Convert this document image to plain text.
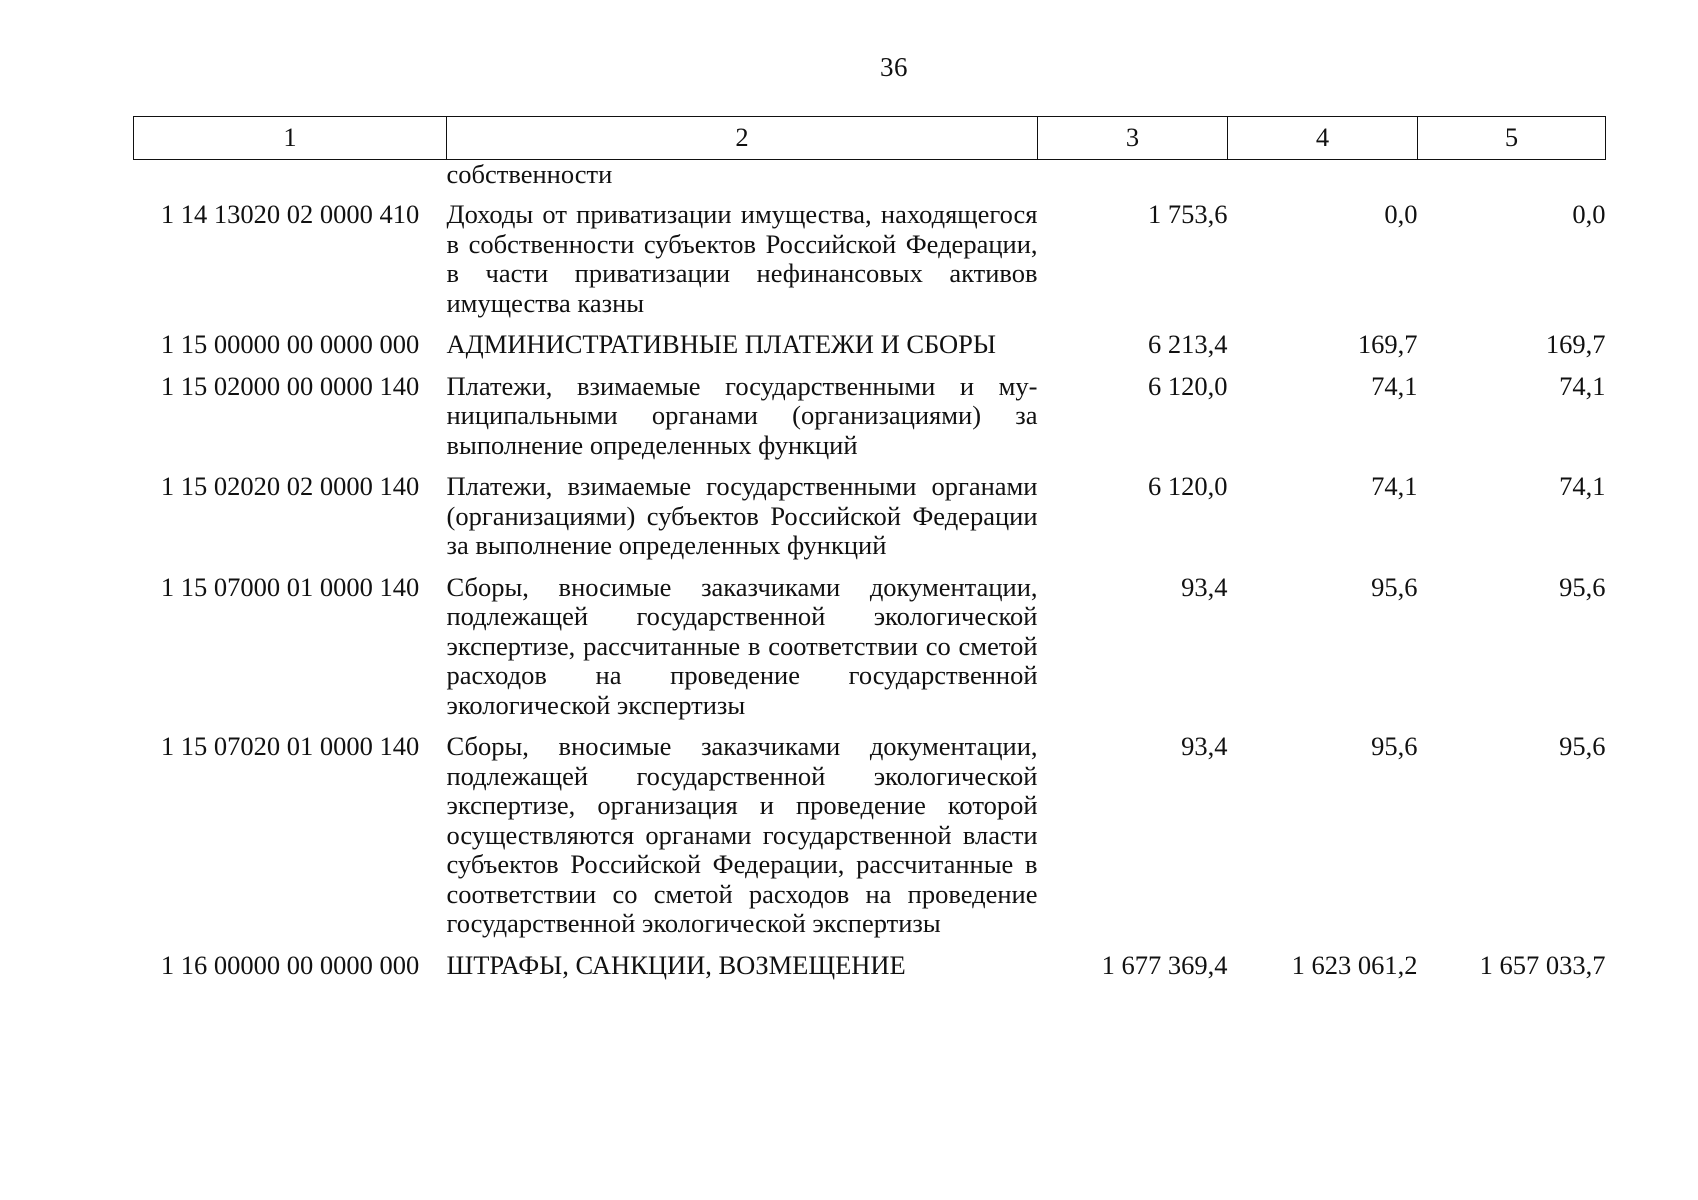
36
1	2	3	4	5
	собственности			
1 14 13020 02 0000 410	Доходы от приватизации имущества, находящегося в собственности субъектов Российской Федерации, в части приватизации нефинансовых активов имущества казны	1 753,6	0,0	0,0
1 15 00000 00 0000 000	АДМИНИСТРАТИВНЫЕ ПЛАТЕЖИ И СБОРЫ	6 213,4	169,7	169,7
1 15 02000 00 0000 140	Платежи, взимаемые государственными и муниципальными органами (организациями) за выполнение определенных функций	6 120,0	74,1	74,1
1 15 02020 02 0000 140	Платежи, взимаемые государственными органами (организациями) субъектов Российской Федерации за выполнение определенных функций	6 120,0	74,1	74,1
1 15 07000 01 0000 140	Сборы, вносимые заказчиками документации, подлежащей государственной экологической экспертизе, рассчитанные в соответствии со сметой расходов на проведение государственной экологической экспертизы	93,4	95,6	95,6
1 15 07020 01 0000 140	Сборы, вносимые заказчиками документации, подлежащей государственной экологической экспертизе, организация и проведение которой осуществляются органами государственной власти субъектов Российской Федерации, рассчитанные в соответствии со сметой расходов на проведение государственной экологической экспертизы	93,4	95,6	95,6
1 16 00000 00 0000 000	ШТРАФЫ, САНКЦИИ, ВОЗМЕЩЕНИЕ	1 677 369,4	1 623 061,2	1 657 033,7
